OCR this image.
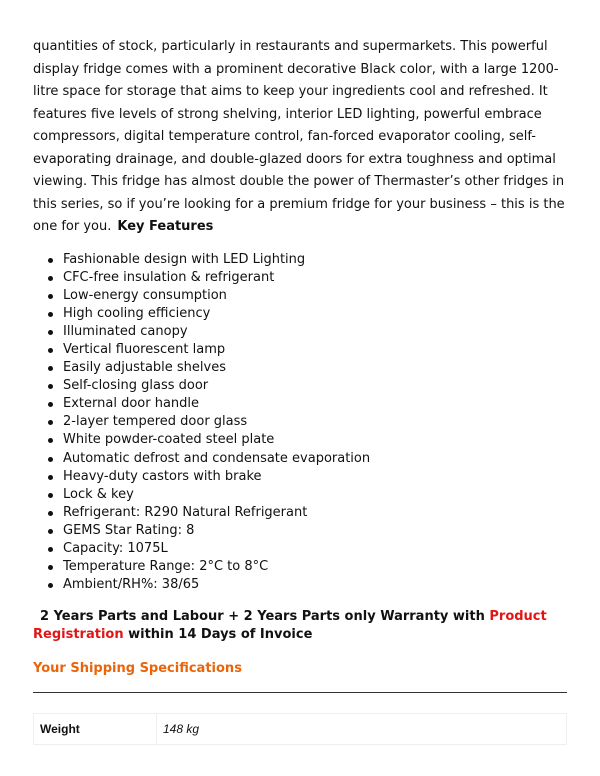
quantities of stock, particularly in restaurants and supermarkets. This powerful display fridge comes with a prominent decorative Black color, with a large 1200-litre space for storage that aims to keep your ingredients cool and refreshed. It features five levels of strong shelving, interior LED lighting, powerful embrace compressors, digital temperature control, fan-forced evaporator cooling, self-evaporating drainage, and double-glazed doors for extra toughness and optimal viewing. This fridge has almost double the power of Thermaster’s other fridges in this series, so if you’re looking for a premium fridge for your business – this is the one for you. Key Features

Fashionable design with LED Lighting
CFC-free insulation & refrigerant
Low-energy consumption
High cooling efficiency
Illuminated canopy
Vertical fluorescent lamp
Easily adjustable shelves
Self-closing glass door
External door handle
2-layer tempered door glass
White powder-coated steel plate
Automatic defrost and condensate evaporation
Heavy-duty castors with brake
Lock & key
Refrigerant: R290 Natural Refrigerant
GEMS Star Rating: 8
Capacity: 1075L
Temperature Range: 2°C to 8°C
Ambient/RH%: 38/65

2 Years Parts and Labour + 2 Years Parts only Warranty with Product Registration within 14 Days of Invoice

Your Shipping Specifications
Weight	148 kg
